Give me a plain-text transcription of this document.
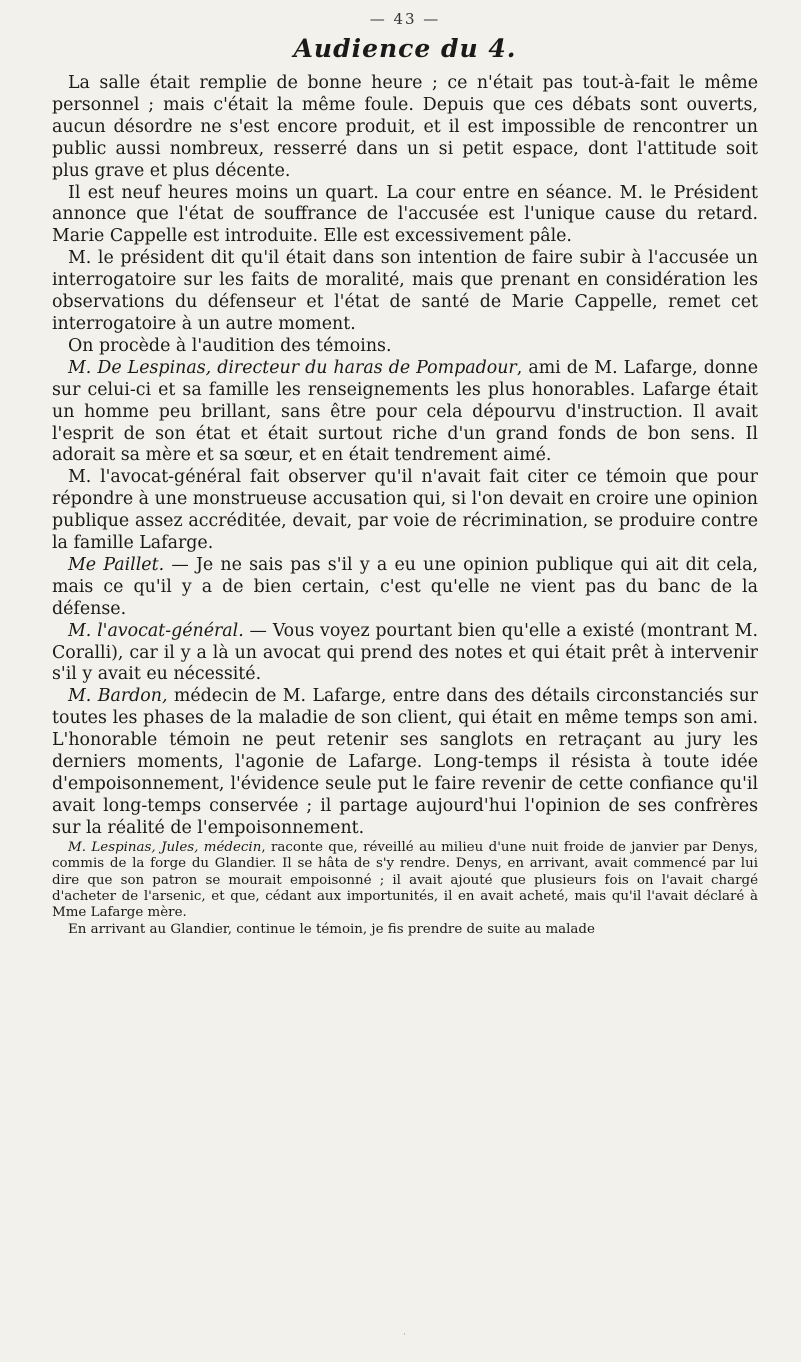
— 43 —
Audience du 4.

La salle était remplie de bonne heure ; ce n'était pas tout-à-fait le même personnel ; mais c'était la même foule. Depuis que ces débats sont ouverts, aucun désordre ne s'est encore produit, et il est impossible de rencontrer un public aussi nombreux, resserré dans un si petit espace, dont l'attitude soit plus grave et plus décente.

Il est neuf heures moins un quart. La cour entre en séance. M. le Président annonce que l'état de souffrance de l'accusée est l'unique cause du retard. Marie Cappelle est introduite. Elle est excessivement pâle.

M. le président dit qu'il était dans son intention de faire subir à l'accusée un interrogatoire sur les faits de moralité, mais que prenant en considération les observations du défenseur et l'état de santé de Marie Cappelle, remet cet interrogatoire à un autre moment.

On procède à l'audition des témoins.

M. De Lespinas, directeur du haras de Pompadour, ami de M. Lafarge, donne sur celui-ci et sa famille les renseignements les plus honorables. Lafarge était un homme peu brillant, sans être pour cela dépourvu d'instruction. Il avait l'esprit de son état et était surtout riche d'un grand fonds de bon sens. Il adorait sa mère et sa sœur, et en était tendrement aimé.

M. l'avocat-général fait observer qu'il n'avait fait citer ce témoin que pour répondre à une monstrueuse accusation qui, si l'on devait en croire une opinion publique assez accréditée, devait, par voie de récrimination, se produire contre la famille Lafarge.

Me Paillet. — Je ne sais pas s'il y a eu une opinion publique qui ait dit cela, mais ce qu'il y a de bien certain, c'est qu'elle ne vient pas du banc de la défense.

M. l'avocat-général. — Vous voyez pourtant bien qu'elle a existé (montrant M. Coralli), car il y a là un avocat qui prend des notes et qui était prêt à intervenir s'il y avait eu nécessité.

M. Bardon, médecin de M. Lafarge, entre dans des détails circonstanciés sur toutes les phases de la maladie de son client, qui était en même temps son ami. L'honorable témoin ne peut retenir ses sanglots en retraçant au jury les derniers moments, l'agonie de Lafarge. Long-temps il résista à toute idée d'empoisonnement, l'évidence seule put le faire revenir de cette confiance qu'il avait long-temps conservée ; il partage aujourd'hui l'opinion de ses confrères sur la réalité de l'empoisonnement.

M. Lespinas, Jules, médecin, raconte que, réveillé au milieu d'une nuit froide de janvier par Denys, commis de la forge du Glandier. Il se hâta de s'y rendre. Denys, en arrivant, avait commencé par lui dire que son patron se mourait empoisonné ; il avait ajouté que plusieurs fois on l'avait chargé d'acheter de l'arsenic, et que, cédant aux importunités, il en avait acheté, mais qu'il l'avait déclaré à Mme Lafarge mère.

En arrivant au Glandier, continue le témoin, je fis prendre de suite au malade

·
